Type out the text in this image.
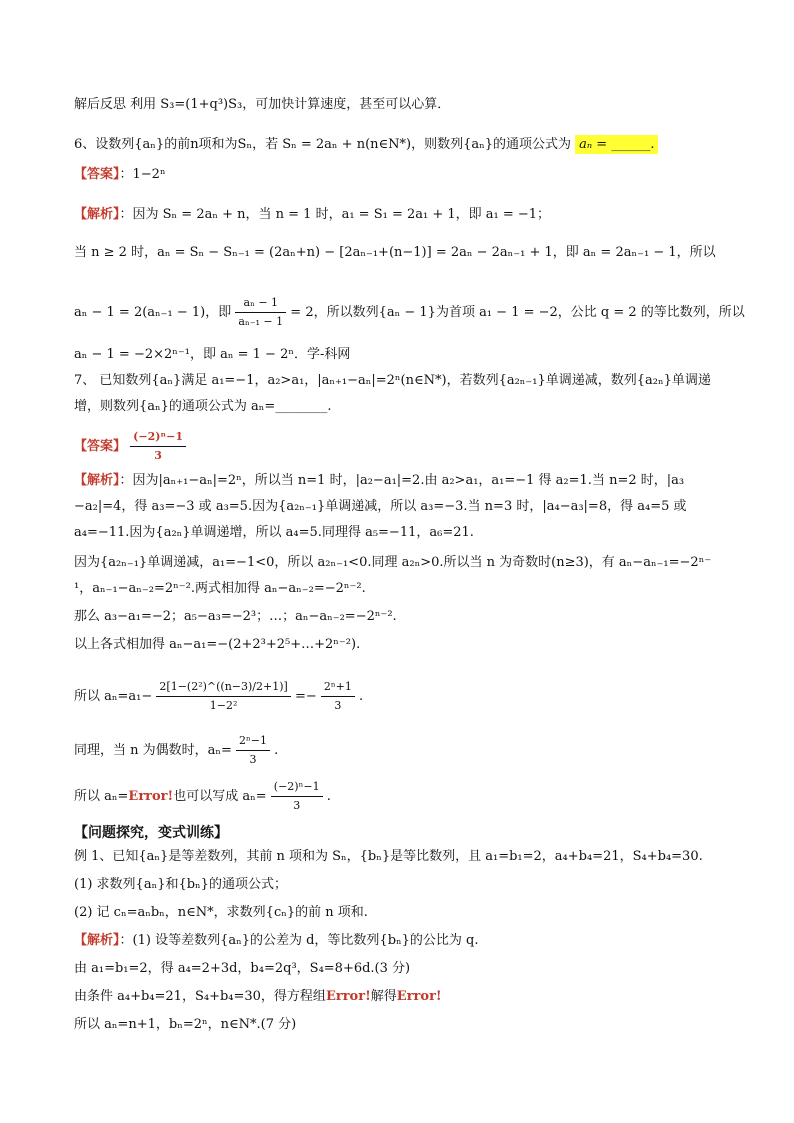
解后反思 利用 S₃=(1+q³)S₃，可加快计算速度，甚至可以心算．
6、设数列{aₙ}的前n项和为Sₙ，若 Sₙ = 2aₙ + n(n∈N*)，则数列{aₙ}的通项公式为 aₙ = ______.
【答案】：1−2ⁿ
【解析】：因为 Sₙ = 2aₙ + n，当 n = 1 时，a₁ = S₁ = 2a₁ + 1，即 a₁ = −1；
当 n ≥ 2 时，aₙ = Sₙ − Sₙ₋₁ = (2aₙ+n) − [2aₙ₋₁+(n−1)] = 2aₙ − 2aₙ₋₁ + 1，即 aₙ = 2aₙ₋₁ − 1，所以
aₙ − 1 = 2(aₙ₋₁ − 1)，即 $\frac{\text{aₙ − 1}}{\text{aₙ₋₁ − 1}} = 2$，所以数列{aₙ − 1}为首项 a₁ − 1 = −2，公比 q = 2 的等比数列，所以
aₙ − 1 = −2×2ⁿ⁻¹，即 aₙ = 1 − 2ⁿ．学-科网
7、 已知数列{aₙ}满足 a₁=−1，a₂>a₁，|aₙ₊₁−aₙ|=2ⁿ(n∈N*)，若数列{a₂ₙ₋₁}单调递减，数列{a₂ₙ}单调递
增，则数列{aₙ}的通项公式为 aₙ=________.
【答案】 $\frac{\text{(−2)ⁿ−1}}{3}$
【解析】：因为|aₙ₊₁−aₙ|=2ⁿ，所以当 n=1 时，|a₂−a₁|=2.由 a₂>a₁，a₁=−1 得 a₂=1.当 n=2 时，|a₃
−a₂|=4，得 a₃=−3 或 a₃=5.因为{a₂ₙ₋₁}单调递减，所以 a₃=−3.当 n=3 时，|a₄−a₃|=8，得 a₄=5 或
a₄=−11.因为{a₂ₙ}单调递增，所以 a₄=5.同理得 a₅=−11，a₆=21.
因为{a₂ₙ₋₁}单调递减，a₁=−1<0，所以 a₂ₙ₋₁<0.同理 a₂ₙ>0.所以当 n 为奇数时(n≥3)，有 aₙ−aₙ₋₁=−2ⁿ⁻
¹，aₙ₋₁−aₙ₋₂=2ⁿ⁻².两式相加得 aₙ−aₙ₋₂=−2ⁿ⁻².
那么 a₃−a₁=−2；a₅−a₃=−2³；…；aₙ−aₙ₋₂=−2ⁿ⁻².
以上各式相加得 aₙ−a₁=−(2+2³+2⁵+…+2ⁿ⁻²).
所以 $a_n=a_1- \frac{\text{2[1−(2²)\textasciicircum{}((n−3)/2+1)]}}{\text{1−2²}} =- \frac{\text{2ⁿ+1}}{3}$ .
同理，当 n 为偶数时，$a_n= \frac{\text{2ⁿ−1}}{3}$ .
所以 aₙ=Error!也可以写成 $a_n= \frac{\text{(−2)ⁿ−1}}{3}$ .
【问题探究，变式训练】
例 1、已知{aₙ}是等差数列，其前 n 项和为 Sₙ，{bₙ}是等比数列，且 a₁=b₁=2，a₄+b₄=21，S₄+b₄=30.
(1) 求数列{aₙ}和{bₙ}的通项公式；
(2) 记 cₙ=aₙbₙ，n∈N*，求数列{cₙ}的前 n 项和.
【解析】：(1) 设等差数列{aₙ}的公差为 d，等比数列{bₙ}的公比为 q.
由 a₁=b₁=2，得 a₄=2+3d，b₄=2q³，S₄=8+6d.(3 分)
由条件 a₄+b₄=21，S₄+b₄=30，得方程组Error!解得Error!
所以 aₙ=n+1，bₙ=2ⁿ，n∈N*.(7 分)
